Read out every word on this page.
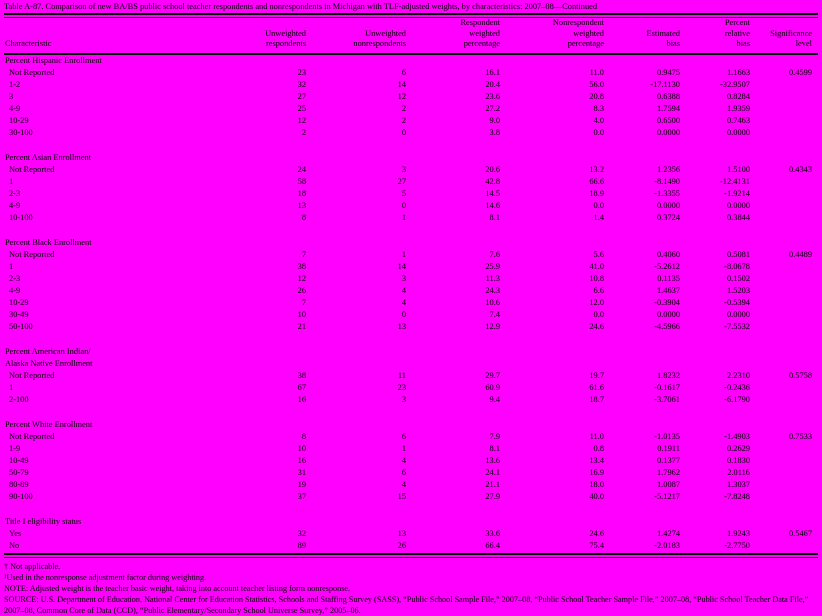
Table A-87. Comparison of new BA/BS public school teacher respondents and nonrespondents in Michigan with TLF-adjusted weights, by characteristics: 2007–08—Continued
			Respondent	Nonrespondent		Percent	
	Unweighted	Unweighted	weighted	weighted	Estimated	relative	Significance
Characteristic	respondents	nonrespondents	percentage	percentage	bias	bias	level
Percent Hispanic Enrollment							
Not Reported	23	6	16.1	11.0	0.9475	1.1663	0.4599
1-2	32	14	20.4	56.0	-17.1130	-32.9507	
3	27	12	23.6	20.8	0.6388	0.8284	
4-9	25	2	27.2	8.3	1.7594	1.9359	
10-29	12	2	9.0	4.0	0.6500	0.7463	
30-100	2	0	3.8	0.0	0.0000	0.0000	

Percent Asian Enrollment							
Not Reported	24	3	20.6	13.2	1.2356	1.5100	0.4343
1	58	27	42.8	66.6	-8.1490	-12.4131	
2-3	18	5	14.5	18.9	-1.3355	-1.9214	
4-9	13	0	14.6	0.0	0.0000	0.0000	
10-100	8	1	8.1	1.4	0.3724	0.3844	

Percent Black Enrollment							
Not Reported	7	1	7.6	5.6	0.4060	0.5081	0.4489
1	38	14	25.9	41.0	-5.2612	-8.0678	
2-3	12	3	11.3	10.8	0.1135	0.1502	
4-9	26	4	24.3	6.6	1.4637	1.5203	
10-29	7	4	10.6	12.0	-0.3904	-0.5394	
30-49	10	0	7.4	0.0	0.0000	0.0000	
50-100	21	13	12.9	24.6	-4.5966	-7.5532	

Percent American Indian/							
Alaska Native Enrollment							
Not Reported	38	11	29.7	19.7	1.8232	2.2310	0.5758
1	67	23	60.9	61.6	-0.1617	-0.2436	
2-100	16	3	9.4	18.7	-3.7061	-6.1790	

Percent White Enrollment							
Not Reported	8	6	7.9	11.0	-1.0135	-1.4903	0.7533
1-9	10	1	8.1	0.8	0.1911	0.2629	
10-49	16	4	13.6	13.4	0.1377	0.1830	
50-79	31	6	24.1	16.9	1.7962	2.0116	
80-89	19	4	21.1	18.0	1.0087	1.3037	
90-100	37	15	27.9	40.0	-5.1217	-7.8248	

Title I eligibility status							
Yes	32	13	33.6	24.6	1.4274	1.9243	0.5467
No	89	26	66.4	75.4	-2.0183	-2.7750	
† Not applicable.
¹Used in the nonresponse adjustment factor during weighting.
NOTE: Adjusted weight is the teacher basic weight, taking into account teacher listing form nonresponse.
SOURCE: U.S. Department of Education, National Center for Education Statistics, Schools and Staffing Survey (SASS), “Public School Sample File,” 2007–08, “Public School Teacher Sample File,” 2007–08, “Public School Teacher Data File,” 2007–08, Common Core of Data (CCD), “Public Elementary/Secondary School Universe Survey,” 2005–06.
